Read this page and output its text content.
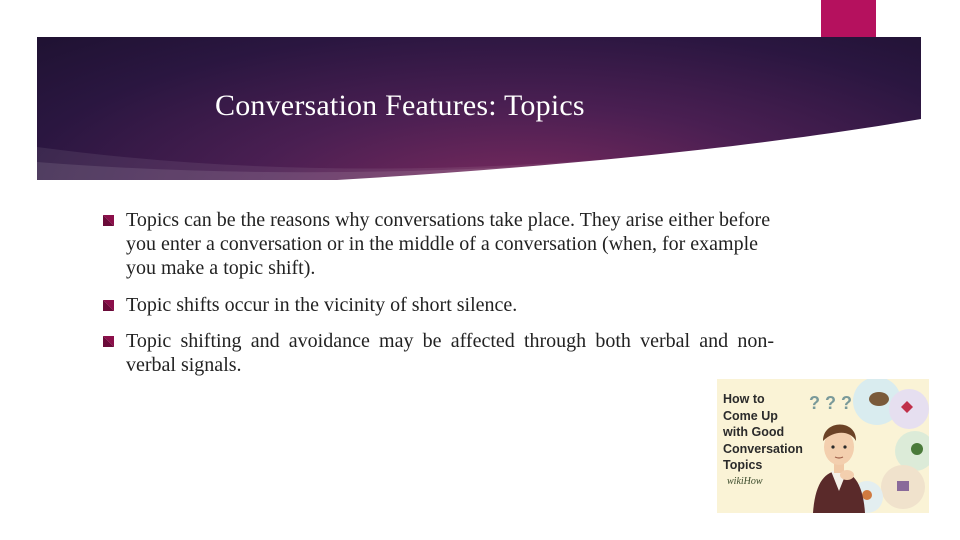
Conversation Features: Topics
Topics can be the reasons why conversations take place. They arise either before you enter a conversation or in the middle of a conversation (when, for example you make a topic shift).
Topic shifts occur in the vicinity of short silence.
Topic shifting and avoidance may be affected through both verbal and non-verbal signals.
? ? ?
How to
Come Up
with Good
Conversation
Topics
wikiHow
